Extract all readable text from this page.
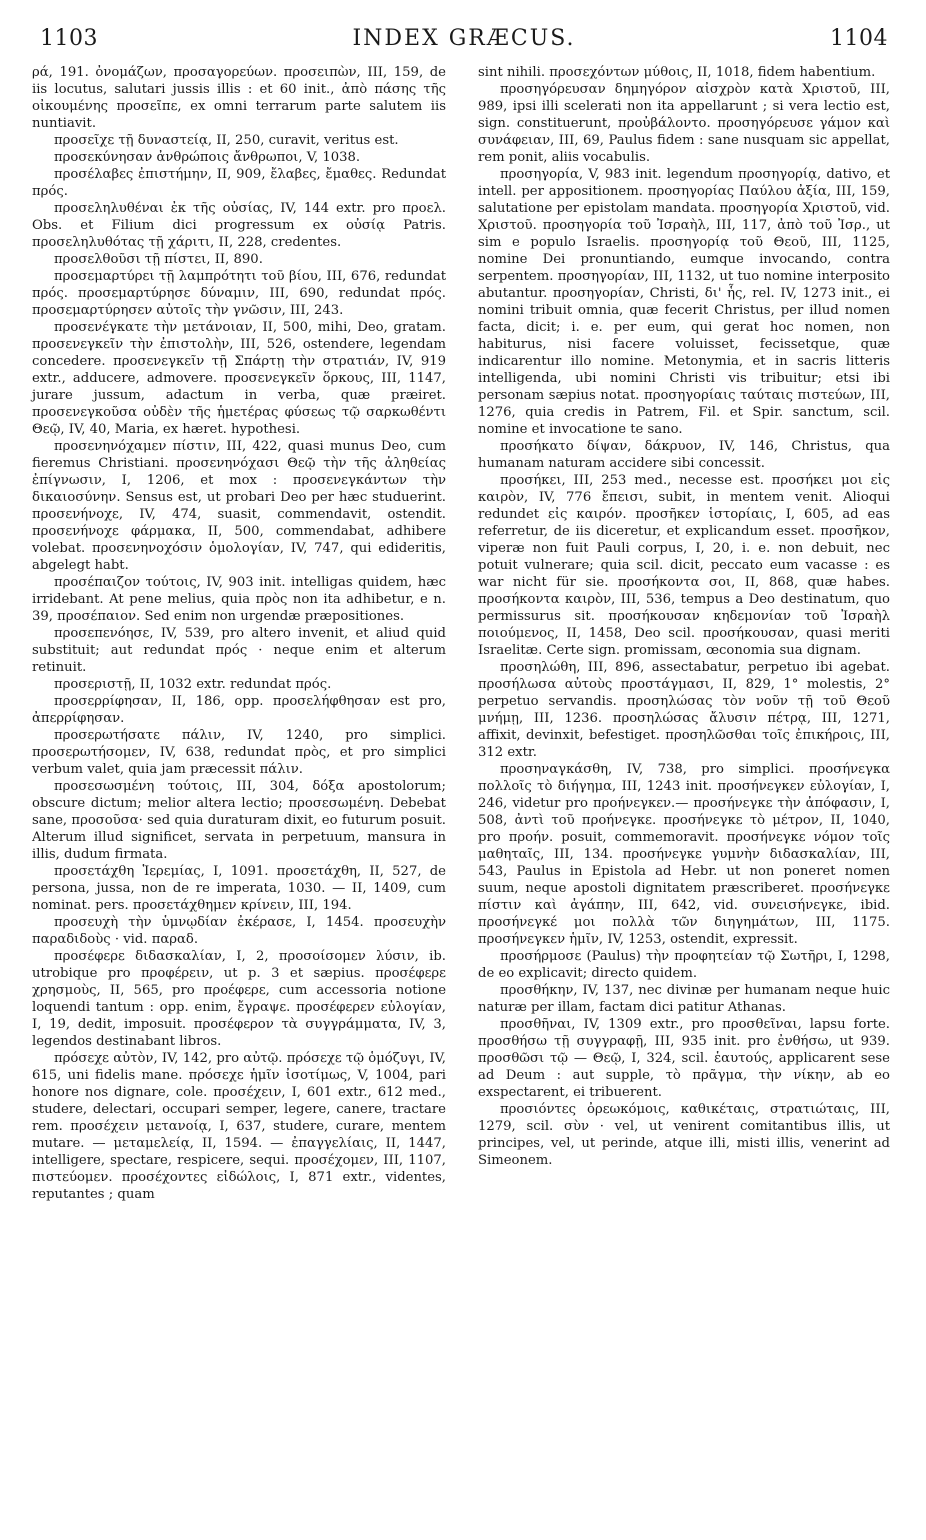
1103	INDEX GRÆCUS.	1104

ρά, 191. ὀνομάζων, προσαγορεύων. προσειπὼν, III, 159, de iis locutus, salutari jussis illis : et 60 init., ἀπὸ πάσης τῆς οἰκουμένης προσεῖπε, ex omni terrarum parte salutem iis nuntiavit.

προσεῖχε τῇ δυναστείᾳ, II, 250, curavit, veritus est.

προσεκύνησαν ἀνθρώποις ἄνθρωποι, V, 1038.

προσέλαβες ἐπιστήμην, II, 909, ἔλαβες, ἔμαθες. Redundat πρός.

προσεληλυθέναι ἐκ τῆς οὐσίας, IV, 144 extr. pro προελ. Obs. et Filium dici progressum ex οὐσίᾳ Patris. προσεληλυθότας τῇ χάριτι, II, 228, credentes.

προσελθοῦσι τῇ πίστει, II, 890.

προσεμαρτύρει τῇ λαμπρότητι τοῦ βίου, III, 676, redundat πρός. προσεμαρτύρησε δύναμιν, III, 690, redundat πρός. προσεμαρτύρησεν αὐτοῖς τὴν γνῶσιν, III, 243.

προσενέγκατε τὴν μετάνοιαν, II, 500, mihi, Deo, gratam. προσενεγκεῖν τὴν ἐπιστολὴν, III, 526, ostendere, legendam concedere. προσενεγκεῖν τῇ Σπάρτῃ τὴν στρατιάν, IV, 919 extr., adducere, admovere. προσενεγκεῖν ὅρκους, III, 1147, jurare jussum, adactum in verba, quæ præiret. προσενεγκοῦσα οὐδὲν τῆς ἡμετέρας φύσεως τῷ σαρκωθέντι Θεῷ, IV, 40, Maria, ex hæret. hypothesi.

προσενηνόχαμεν πίστιν, III, 422, quasi munus Deo, cum fieremus Christiani. προσενηνόχασι Θεῷ τὴν τῆς ἀληθείας ἐπίγνωσιν, I, 1206, et mox : προσενεγκάντων τὴν δικαιοσύνην. Sensus est, ut probari Deo per hæc studuerint. προσενήνοχε, IV, 474, suasit, commendavit, ostendit. προσενήνοχε φάρμακα, II, 500, commendabat, adhibere volebat. προσενηνοχόσιν ὁμολογίαν, IV, 747, qui edideritis, abgelegt habt.

προσέπαιζον τούτοις, IV, 903 init. intelligas quidem, hæc irridebant. At pene melius, quia πρὸς non ita adhibetur, e n. 39, προσέπαιον. Sed enim non urgendæ præpositiones.

προσεπενόησε, IV, 539, pro altero invenit, et aliud quid substituit; aut redundat πρός · neque enim et alterum retinuit.

προσεριστῇ, II, 1032 extr. redundat πρός.

προσερρίφησαν, II, 186, opp. προσελήφθησαν est pro, ἀπερρίφησαν.

προσερωτήσατε πάλιν, IV, 1240, pro simplici. προσερωτήσομεν, IV, 638, redundat πρὸς, et pro simplici verbum valet, quia jam præcessit πάλιν.

προσεσωσμένη τούτοις, III, 304, δόξα apostolorum; obscure dictum; melior altera lectio; προσεσωμένη. Debebat sane, προσοῦσα· sed quia duraturam dixit, eo futurum posuit. Alterum illud significet, servata in perpetuum, mansura in illis, dudum firmata.

προσετάχθη Ἱερεμίας, I, 1091. προσετάχθη, II, 527, de persona, jussa, non de re imperata, 1030. — II, 1409, cum nominat. pers. προσετάχθημεν κρίνειν, III, 194.

προσευχὴ τὴν ὑμνῳδίαν ἐκέρασε, I, 1454. προσευχὴν παραδιδοὺς · vid. παραδ.

προσέφερε διδασκαλίαν, I, 2, προσοίσομεν λύσιν, ib. utrobique pro προφέρειν, ut p. 3 et sæpius. προσέφερε χρησμοὺς, II, 565, pro προέφερε, cum accessoria notione loquendi tantum : opp. enim, ἔγραψε. προσέφερεν εὐλογίαν, I, 19, dedit, imposuit. προσέφερον τὰ συγγράμματα, IV, 3, legendos destinabant libros.

πρόσεχε αὐτὸν, IV, 142, pro αὐτῷ. πρόσεχε τῷ ὁμόζυγι, IV, 615, uni fidelis mane. πρόσεχε ἡμῖν ἰσοτίμως, V, 1004, pari honore nos dignare, cole. προσέχειν, I, 601 extr., 612 med., studere, delectari, occupari semper, legere, canere, tractare rem. προσέχειν μετανοίᾳ, I, 637, studere, curare, mentem mutare. — μεταμελείᾳ, II, 1594. — ἐπαγγελίαις, II, 1447, intelligere, spectare, respicere, sequi. προσέχομεν, III, 1107, πιστεύομεν. προσέχοντες εἰδώλοις, I, 871 extr., videntes, reputantes ; quam

sint nihili. προσεχόντων μύθοις, II, 1018, fidem habentium.

προσηγόρευσαν δημηγόρον αἰσχρὸν κατὰ Χριστοῦ, III, 989, ipsi illi scelerati non ita appellarunt ; si vera lectio est, sign. constituerunt, προὐβάλοντο. προσηγόρευσε γάμον καὶ συνάφειαν, III, 69, Paulus fidem : sane nusquam sic appellat, rem ponit, aliis vocabulis.

προσηγορία, V, 983 init. legendum προσηγορίᾳ, dativo, et intell. per appositionem. προσηγορίας Παύλου ἀξία, III, 159, salutatione per epistolam mandata. προσηγορία Χριστοῦ, vid. Χριστοῦ. προσηγορία τοῦ Ἰσραὴλ, III, 117, ἀπὸ τοῦ Ἰσρ., ut sim e populo Israelis. προσηγορίᾳ τοῦ Θεοῦ, III, 1125, nomine Dei pronuntiando, eumque invocando, contra serpentem. προσηγορίαν, III, 1132, ut tuo nomine interposito abutantur. προσηγορίαν, Christi, δι' ἧς, rel. IV, 1273 init., ei nomini tribuit omnia, quæ fecerit Christus, per illud nomen facta, dicit; i. e. per eum, qui gerat hoc nomen, non habiturus, nisi facere voluisset, fecissetque, quæ indicarentur illo nomine. Metonymia, et in sacris litteris intelligenda, ubi nomini Christi vis tribuitur; etsi ibi personam sæpius notat. προσηγορίαις ταύταις πιστεύων, III, 1276, quia credis in Patrem, Fil. et Spir. sanctum, scil. nomine et invocatione te sano.

προσήκατο δίψαν, δάκρυον, IV, 146, Christus, qua humanam naturam accidere sibi concessit.

προσήκει, III, 253 med., necesse est. προσήκει μοι εἰς καιρὸν, IV, 776 ἔπεισι, subit, in mentem venit. Alioqui redundet εἰς καιρόν. προσῆκεν ἱστορίαις, I, 605, ad eas referretur, de iis diceretur, et explicandum esset. προσῆκον, viperæ non fuit Pauli corpus, I, 20, i. e. non debuit, nec potuit vulnerare; quia scil. dicit, peccato eum vacasse : es war nicht für sie. προσήκοντα σοι, II, 868, quæ habes. προσήκοντα καιρὸν, III, 536, tempus a Deo destinatum, quo permissurus sit. προσήκουσαν κηδεμονίαν τοῦ Ἰσραὴλ ποιούμενος, II, 1458, Deo scil. προσήκουσαν, quasi meriti Israelitæ. Certe sign. promissam, œconomia sua dignam.

προσηλώθη, III, 896, assectabatur, perpetuo ibi agebat. προσήλωσα αὐτοὺς προστάγμασι, II, 829, 1° molestis, 2° perpetuo servandis. προσηλώσας τὸν νοῦν τῇ τοῦ Θεοῦ μνήμῃ, III, 1236. προσηλώσας ἄλυσιν πέτρᾳ, III, 1271, affixit, devinxit, befestiget. προσηλῶσθαι τοῖς ἐπικήροις, III, 312 extr.

προσηναγκάσθη, IV, 738, pro simplici. προσήνεγκα πολλοῖς τὸ διήγημα, III, 1243 init. προσήνεγκεν εὐλογίαν, I, 246, videtur pro προήνεγκεν.— προσήνεγκε τὴν ἀπόφασιν, I, 508, ἀντὶ τοῦ προήνεγκε. προσήνεγκε τὸ μέτρον, II, 1040, pro προήν. posuit, commemoravit. προσήνεγκε νόμον τοῖς μαθηταῖς, III, 134. προσήνεγκε γυμνὴν διδασκαλίαν, III, 543, Paulus in Epistola ad Hebr. ut non poneret nomen suum, neque apostoli dignitatem præscriberet. προσήνεγκε πίστιν καὶ ἀγάπην, III, 642, vid. συνεισήνεγκε, ibid. προσήνεγκέ μοι πολλὰ τῶν διηγημάτων, III, 1175. προσήνεγκεν ἡμῖν, IV, 1253, ostendit, expressit.

προσήρμοσε (Paulus) τὴν προφητείαν τῷ Σωτῆρι, I, 1298, de eo explicavit; directo quidem.

προσθήκην, IV, 137, nec divinæ per humanam neque huic naturæ per illam, factam dici patitur Athanas.

προσθῆναι, IV, 1309 extr., pro προσθεῖναι, lapsu forte. προσθήσω τῇ συγγραφῇ, III, 935 init. pro ἐνθήσω, ut 939. προσθῶσι τῷ — Θεῷ, I, 324, scil. ἑαυτούς, applicarent sese ad Deum : aut supple, τὸ πρᾶγμα, τὴν νίκην, ab eo exspectarent, ei tribuerent.

προσιόντες ὀρεωκόμοις, καθικέταις, στρατιώταις, III, 1279, scil. σὺν · vel, ut venirent comitantibus illis, ut principes, vel, ut perinde, atque illi, misti illis, venerint ad Simeonem.
